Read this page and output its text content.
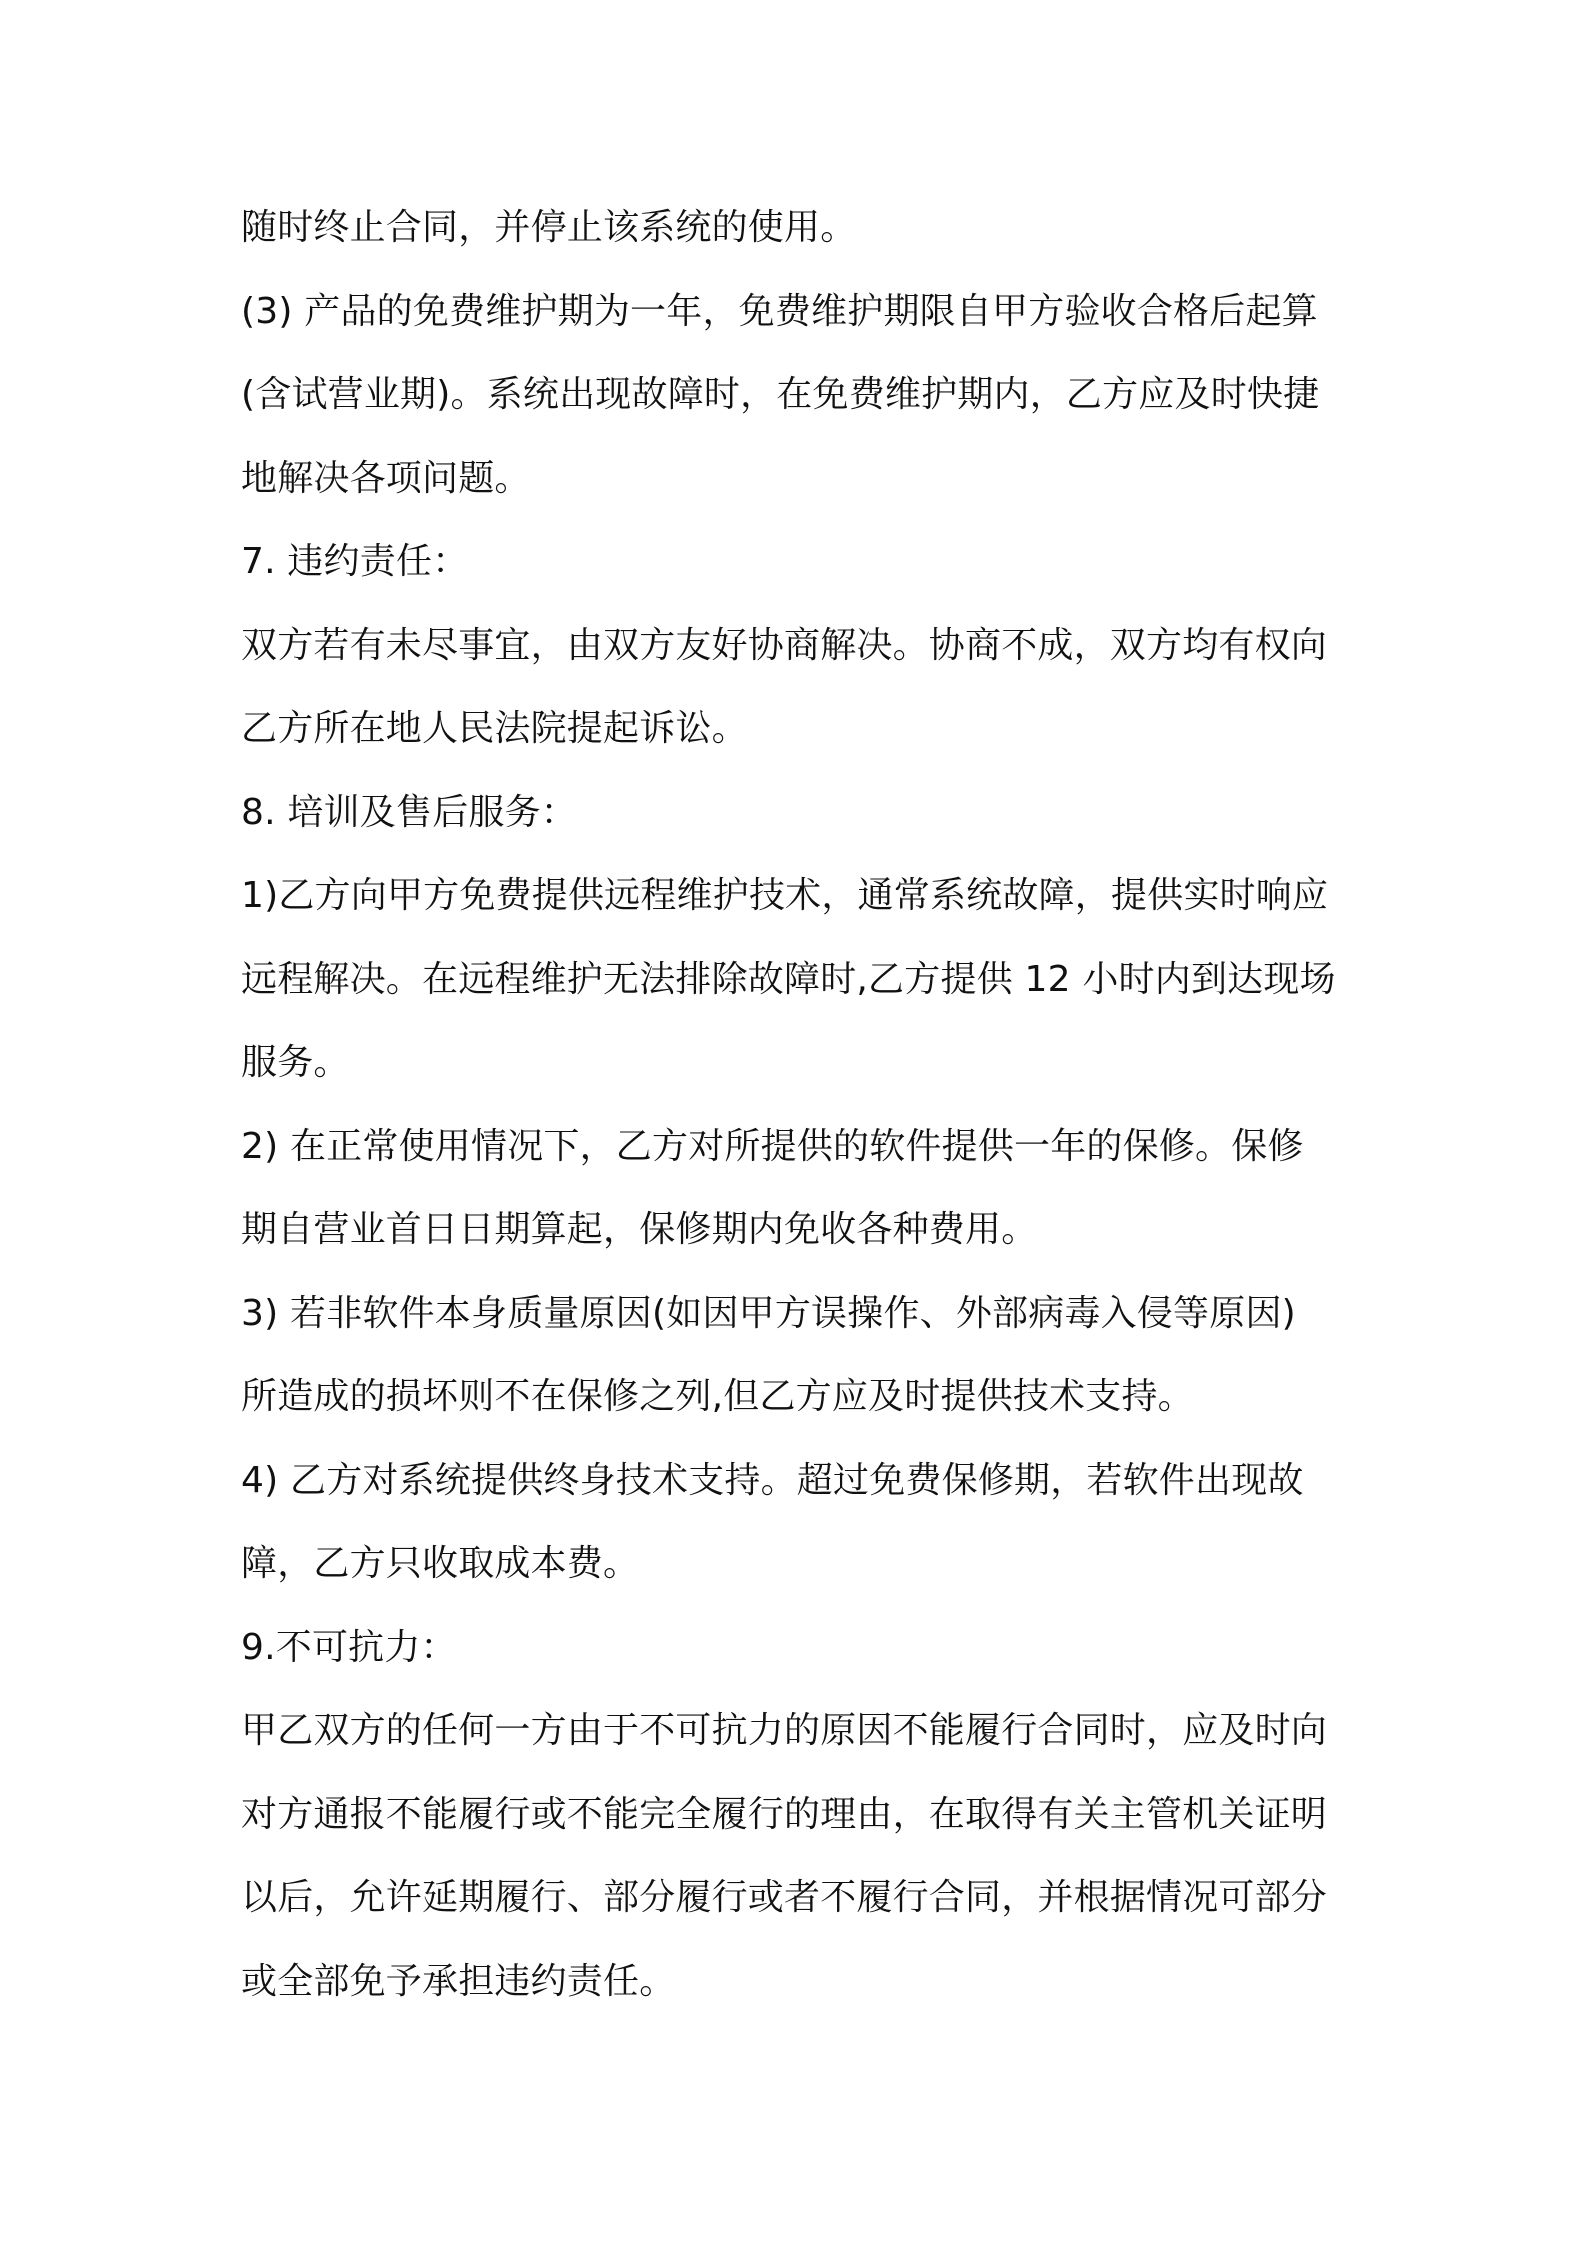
随时终止合同，并停止该系统的使用。
(3) 产品的免费维护期为一年，免费维护期限自甲方验收合格后起算
(含试营业期)。系统出现故障时，在免费维护期内，乙方应及时快捷
地解决各项问题。
7. 违约责任：
双方若有未尽事宜，由双方友好协商解决。协商不成，双方均有权向
乙方所在地人民法院提起诉讼。
8. 培训及售后服务：
1)乙方向甲方免费提供远程维护技术，通常系统故障，提供实时响应
远程解决。在远程维护无法排除故障时,乙方提供 12 小时内到达现场
服务。
2) 在正常使用情况下，乙方对所提供的软件提供一年的保修。保修
期自营业首日日期算起，保修期内免收各种费用。
3) 若非软件本身质量原因(如因甲方误操作、外部病毒入侵等原因)
所造成的损坏则不在保修之列,但乙方应及时提供技术支持。
4) 乙方对系统提供终身技术支持。超过免费保修期，若软件出现故
障，乙方只收取成本费。
9.不可抗力：
甲乙双方的任何一方由于不可抗力的原因不能履行合同时，应及时向
对方通报不能履行或不能完全履行的理由，在取得有关主管机关证明
以后，允许延期履行、部分履行或者不履行合同，并根据情况可部分
或全部免予承担违约责任。
